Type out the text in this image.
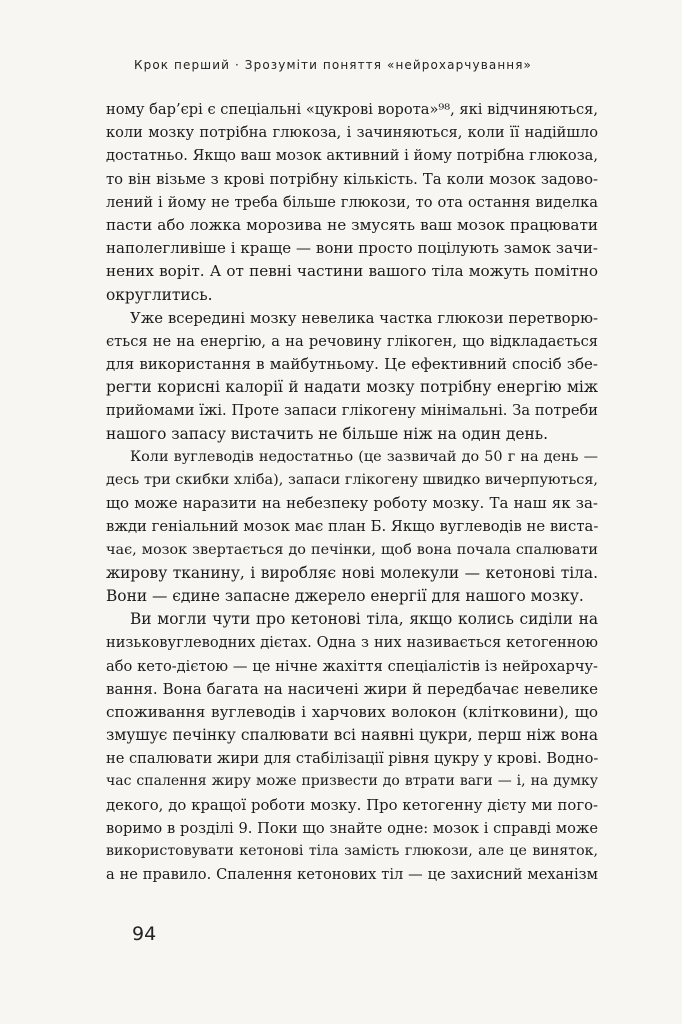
Крок перший · Зрозуміти поняття «нейрохарчування»
ному бар’єрі є спеціальні «цукрові ворота»⁹⁸, які відчиняються,
коли мозку потрібна глюкоза, і зачиняються, коли її надійшло
достатньо. Якщо ваш мозок активний і йому потрібна глюкоза,
то він візьме з крові потрібну кількість. Та коли мозок задово-
лений і йому не треба більше глюкози, то ота остання виделка
пасти або ложка морозива не змусять ваш мозок працювати
наполегливіше і краще — вони просто поцілують замок зачи-
нених воріт. А от певні частини вашого тіла можуть помітно
округлитись.
Уже всередині мозку невелика частка глюкози перетворю-
ється не на енергію, а на речовину глікоген, що відкладається
для використання в майбутньому. Це ефективний спосіб збе-
регти корисні калорії й надати мозку потрібну енергію між
прийомами їжі. Проте запаси глікогену мінімальні. За потреби
нашого запасу вистачить не більше ніж на один день.
Коли вуглеводів недостатньо (це зазвичай до 50 г на день —
десь три скибки хліба), запаси глікогену швидко вичерпуються,
що може наразити на небезпеку роботу мозку. Та наш як за-
вжди геніальний мозок має план Б. Якщо вуглеводів не виста-
чає, мозок звертається до печінки, щоб вона почала спалювати
жирову тканину, і виробляє нові молекули — кетонові тіла.
Вони — єдине запасне джерело енергії для нашого мозку.
Ви могли чути про кетонові тіла, якщо колись сиділи на
низьковуглеводних дієтах. Одна з них називається кетогенною
або кето-дієтою — це нічне жахіття спеціалістів із нейрохарчу-
вання. Вона багата на насичені жири й передбачає невелике
споживання вуглеводів і харчових волокон (клітковини), що
змушує печінку спалювати всі наявні цукри, перш ніж вона
не спалювати жири для стабілізації рівня цукру у крові. Водно-
час спалення жиру може призвести до втрати ваги — і, на думку
декого, до кращої роботи мозку. Про кетогенну дієту ми пого-
воримо в розділі 9. Поки що знайте одне: мозок і справді може
використовувати кетонові тіла замість глюкози, але це виняток,
а не правило. Спалення кетонових тіл — це захисний механізм
94
